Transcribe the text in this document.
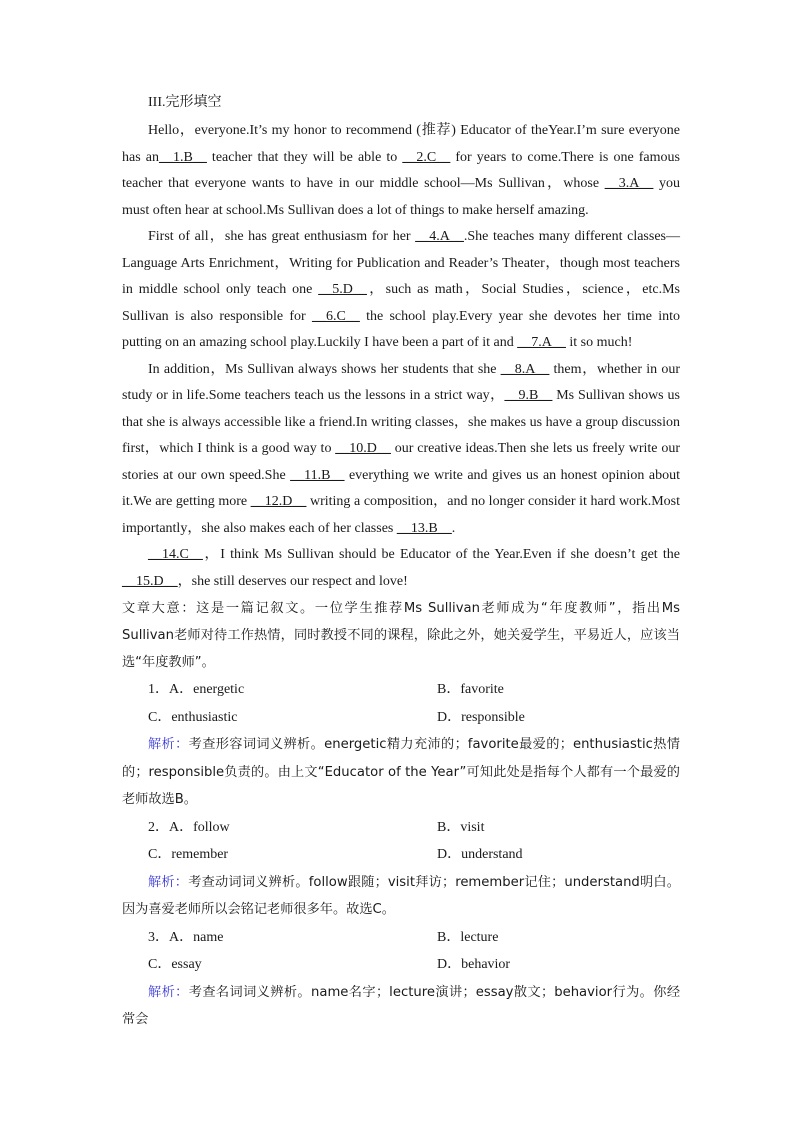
III.完形填空

Hello，everyone.It’s my honor to recommend (推荐) Educator of theYear.I’m sure everyone has an__1.B__ teacher that they will be able to __2.C__ for years to come.There is one famous teacher that everyone wants to have in our middle school—Ms Sullivan，whose __3.A__ you must often hear at school.Ms Sullivan does a lot of things to make herself amazing.

First of all，she has great enthusiasm for her __4.A__.She teaches many different classes—Language Arts Enrichment，Writing for Publication and Reader’s Theater，though most teachers in middle school only teach one __5.D__，such as math，Social Studies，science，etc.Ms Sullivan is also responsible for __6.C__ the school play.Every year she devotes her time into putting on an amazing school play.Luckily I have been a part of it and __7.A__ it so much!

In addition，Ms Sullivan always shows her students that she __8.A__ them，whether in our study or in life.Some teachers teach us the lessons in a strict way，__9.B__ Ms Sullivan shows us that she is always accessible like a friend.In writing classes，she makes us have a group discussion first，which I think is a good way to __10.D__ our creative ideas.Then she lets us freely write our stories at our own speed.She __11.B__ everything we write and gives us an honest opinion about it.We are getting more __12.D__ writing a composition，and no longer consider it hard work.Most importantly，she also makes each of her classes __13.B__.

__14.C__，I think Ms Sullivan should be Educator of the Year.Even if she doesn’t get the __15.D__，she still deserves our respect and love!

文章大意：这是一篇记叙文。一位学生推荐Ms Sullivan老师成为“年度教师”，指出Ms Sullivan老师对待工作热情，同时教授不同的课程，除此之外，她关爱学生，平易近人，应该当选“年度教师”。

1．A．energetic	B．favorite
C．enthusiastic	D．responsible

解析：考查形容词词义辨析。energetic精力充沛的；favorite最爱的；enthusiastic热情的；responsible负责的。由上文“Educator of the Year”可知此处是指每个人都有一个最爱的老师故选B。

2．A．follow	B．visit
C．remember	D．understand

解析：考查动词词义辨析。follow跟随；visit拜访；remember记住；understand明白。因为喜爱老师所以会铭记老师很多年。故选C。

3．A．name	B．lecture
C．essay	D．behavior

解析：考查名词词义辨析。name名字；lecture演讲；essay散文；behavior行为。你经常会
